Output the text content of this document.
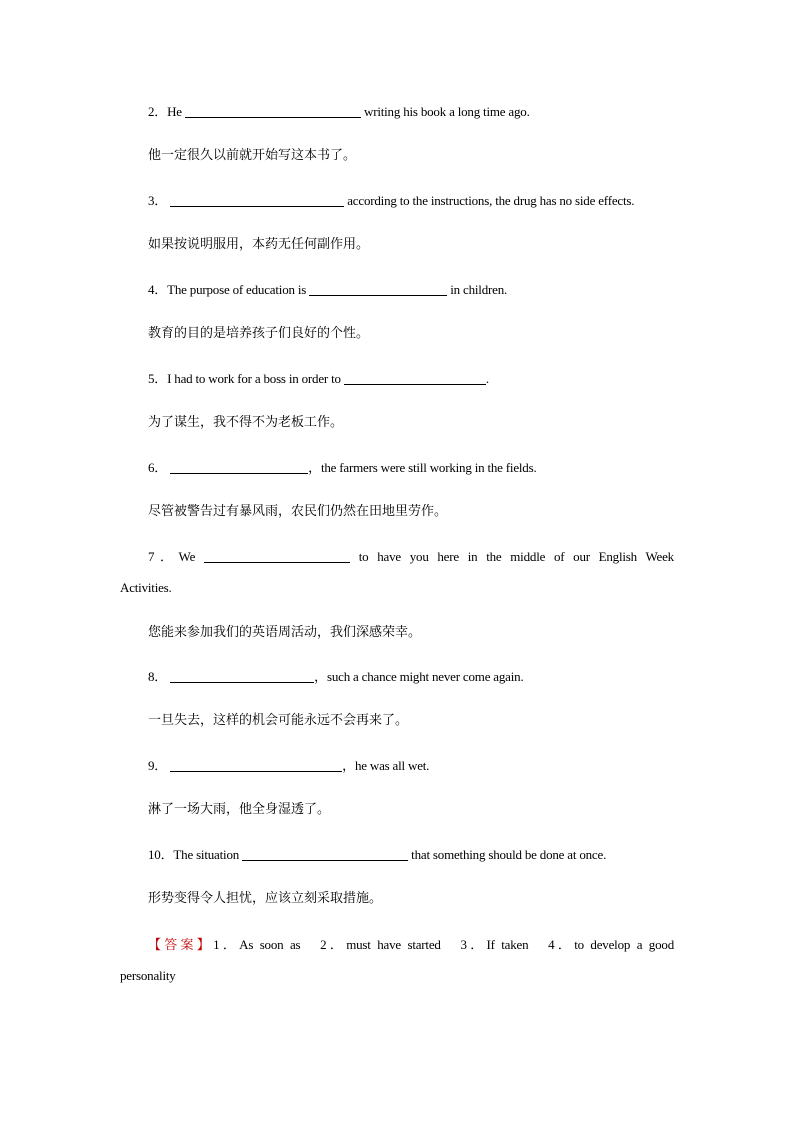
2．He	writing his book a long time ago.
他一定很久以前就开始写这本书了。
3．	according to the instructions, the drug has no side effects.
如果按说明服用，本药无任何副作用。
4．The purpose of education is	in children.
教育的目的是培养孩子们良好的个性。
5．I had to work for a boss in order to	.
为了谋生，我不得不为老板工作。
6．	，the farmers were still working in the fields.
尽管被警告过有暴风雨，农民们仍然在田地里劳作。
7．We	to have you here in the middle of our English Week
Activities.
您能来参加我们的英语周活动，我们深感荣幸。
8．	，such a chance might never come again.
一旦失去，这样的机会可能永远不会再来了。
9．	，he was all wet.
淋了一场大雨，他全身湿透了。
10．The situation	that something should be done at once.
形势变得令人担忧，应该立刻采取措施。
【答案】1．As soon as　2．must have started　3．If taken　4．to develop a good
personality
